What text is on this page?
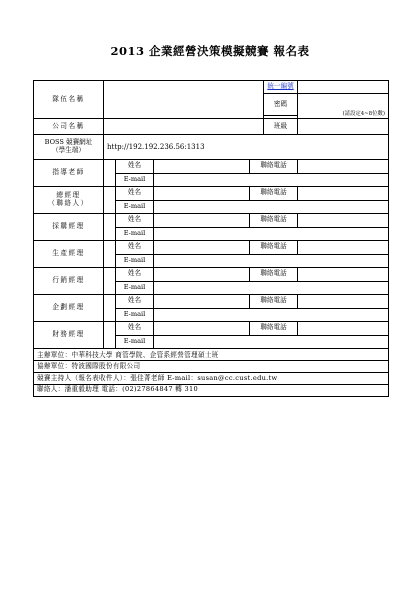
2013 企業經營決策模擬競賽 報名表
隊伍名稱					統一編號	
					密碼	(請設定4~8位數)

公司名稱					班級	

BOSS 競賽網址
（學生端）	http://192.192.236.56:1313					

指導老師		姓名		聯絡電話		
		E-mail				

總經理
（聯絡人）		姓名		聯絡電話		
		E-mail				

採購經理		姓名		聯絡電話		
		E-mail				

生產經理		姓名		聯絡電話		
		E-mail				

行銷經理		姓名		聯絡電話		
		E-mail				

企劃經理		姓名		聯絡電話		
		E-mail				

財務經理		姓名		聯絡電話		
		E-mail				
主辦單位：中華科技大學 商管學院、企管系經營管理碩士班						
協辦單位：特波國際股份有限公司						
競賽主持人（報名表收件人）：張佳菁老師 E-mail：susan@cc.cust.edu.tw						
聯絡人：潘重毅助理 電話：(02)27864847 轉 310						
